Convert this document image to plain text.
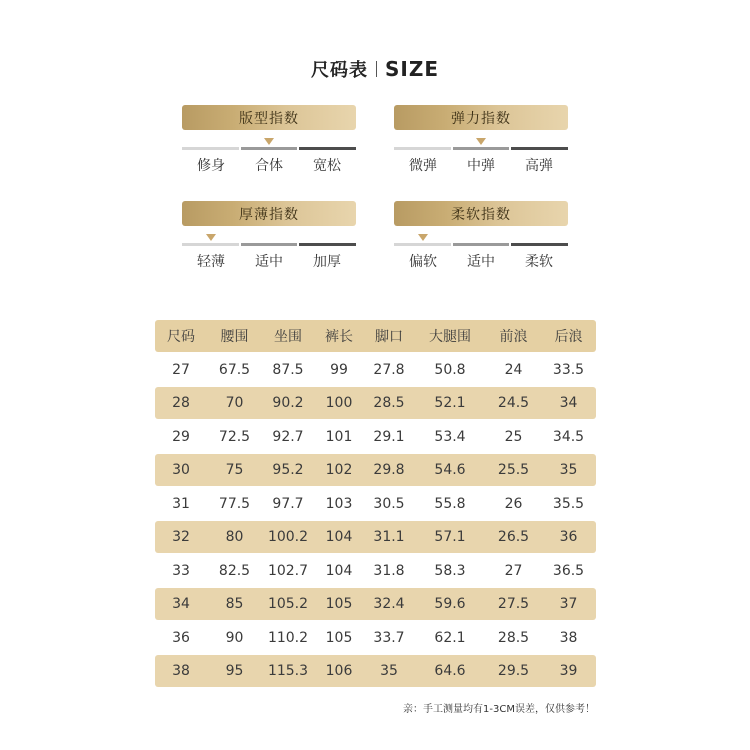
尺码表 SIZE
版型指数
修身	合体	宽松
弹力指数
微弹	中弹	高弹
厚薄指数
轻薄	适中	加厚
柔软指数
偏软	适中	柔软
尺码	腰围	坐围	裤长	脚口	大腿围	前浪	后浪
27	67.5	87.5	99	27.8	50.8	24	33.5
28	70	90.2	100	28.5	52.1	24.5	34
29	72.5	92.7	101	29.1	53.4	25	34.5
30	75	95.2	102	29.8	54.6	25.5	35
31	77.5	97.7	103	30.5	55.8	26	35.5
32	80	100.2	104	31.1	57.1	26.5	36
33	82.5	102.7	104	31.8	58.3	27	36.5
34	85	105.2	105	32.4	59.6	27.5	37
36	90	110.2	105	33.7	62.1	28.5	38
38	95	115.3	106	35	64.6	29.5	39
亲：手工测量均有1-3CM误差，仅供参考！
